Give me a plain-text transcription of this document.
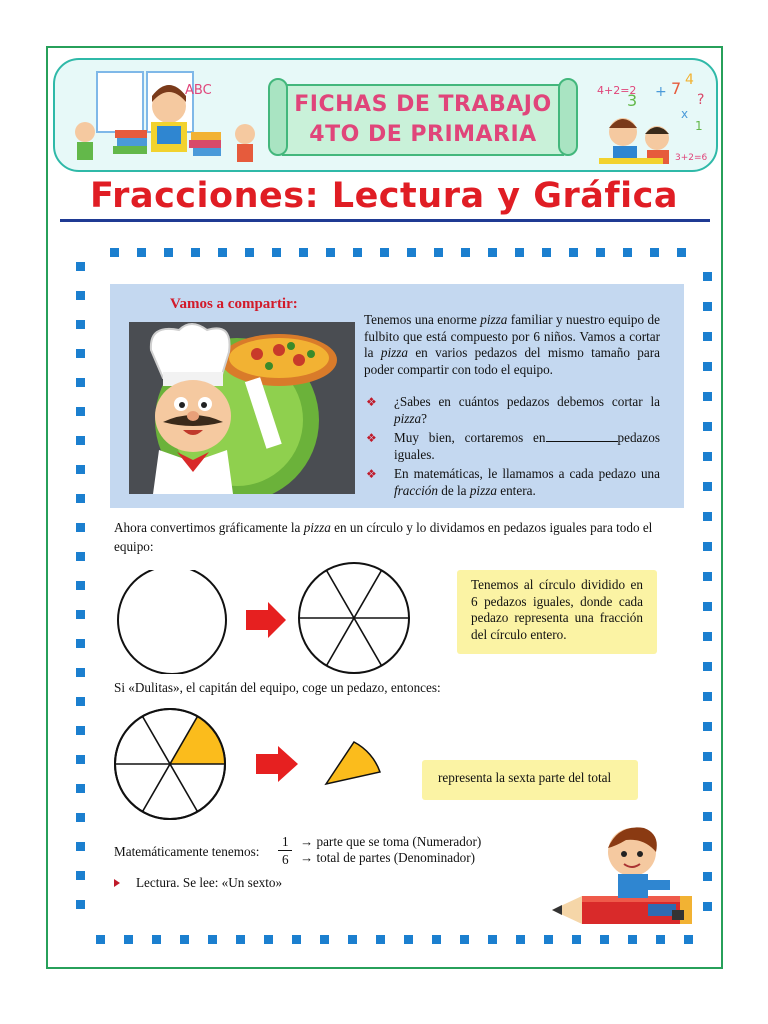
ABC
FICHAS DE TRABAJO
4TO DE PRIMARIA
4+2=2
3 + 7 4
?
x
1
3+2=6
Fracciones: Lectura y Gráfica
Vamos a compartir:
Tenemos una enorme pizza familiar y nuestro equipo de fulbito que está compuesto por 6 niños. Vamos a cortar la pizza en varios pedazos del mismo tamaño para poder compartir con todo el equipo.
❖ ¿Sabes en cuántos pedazos debemos cortar la pizza?
❖ Muy bien, cortaremos en	pedazos iguales.
❖ En matemáticas, le llamamos a cada pedazo una fracción de la pizza entera.
Ahora convertimos gráficamente la pizza en un círculo y lo dividamos en pedazos iguales para todo el equipo:
Tenemos al círculo dividido en 6 pedazos iguales, donde cada pedazo representa una fracción del círculo entero.
Si «Dulitas», el capitán del equipo, coge un pedazo, entonces:
representa la sexta parte del total
Matemáticamente tenemos:
1
6
→ parte que se toma (Numerador)
→ total de partes (Denominador)
Lectura. Se lee: «Un sexto»
